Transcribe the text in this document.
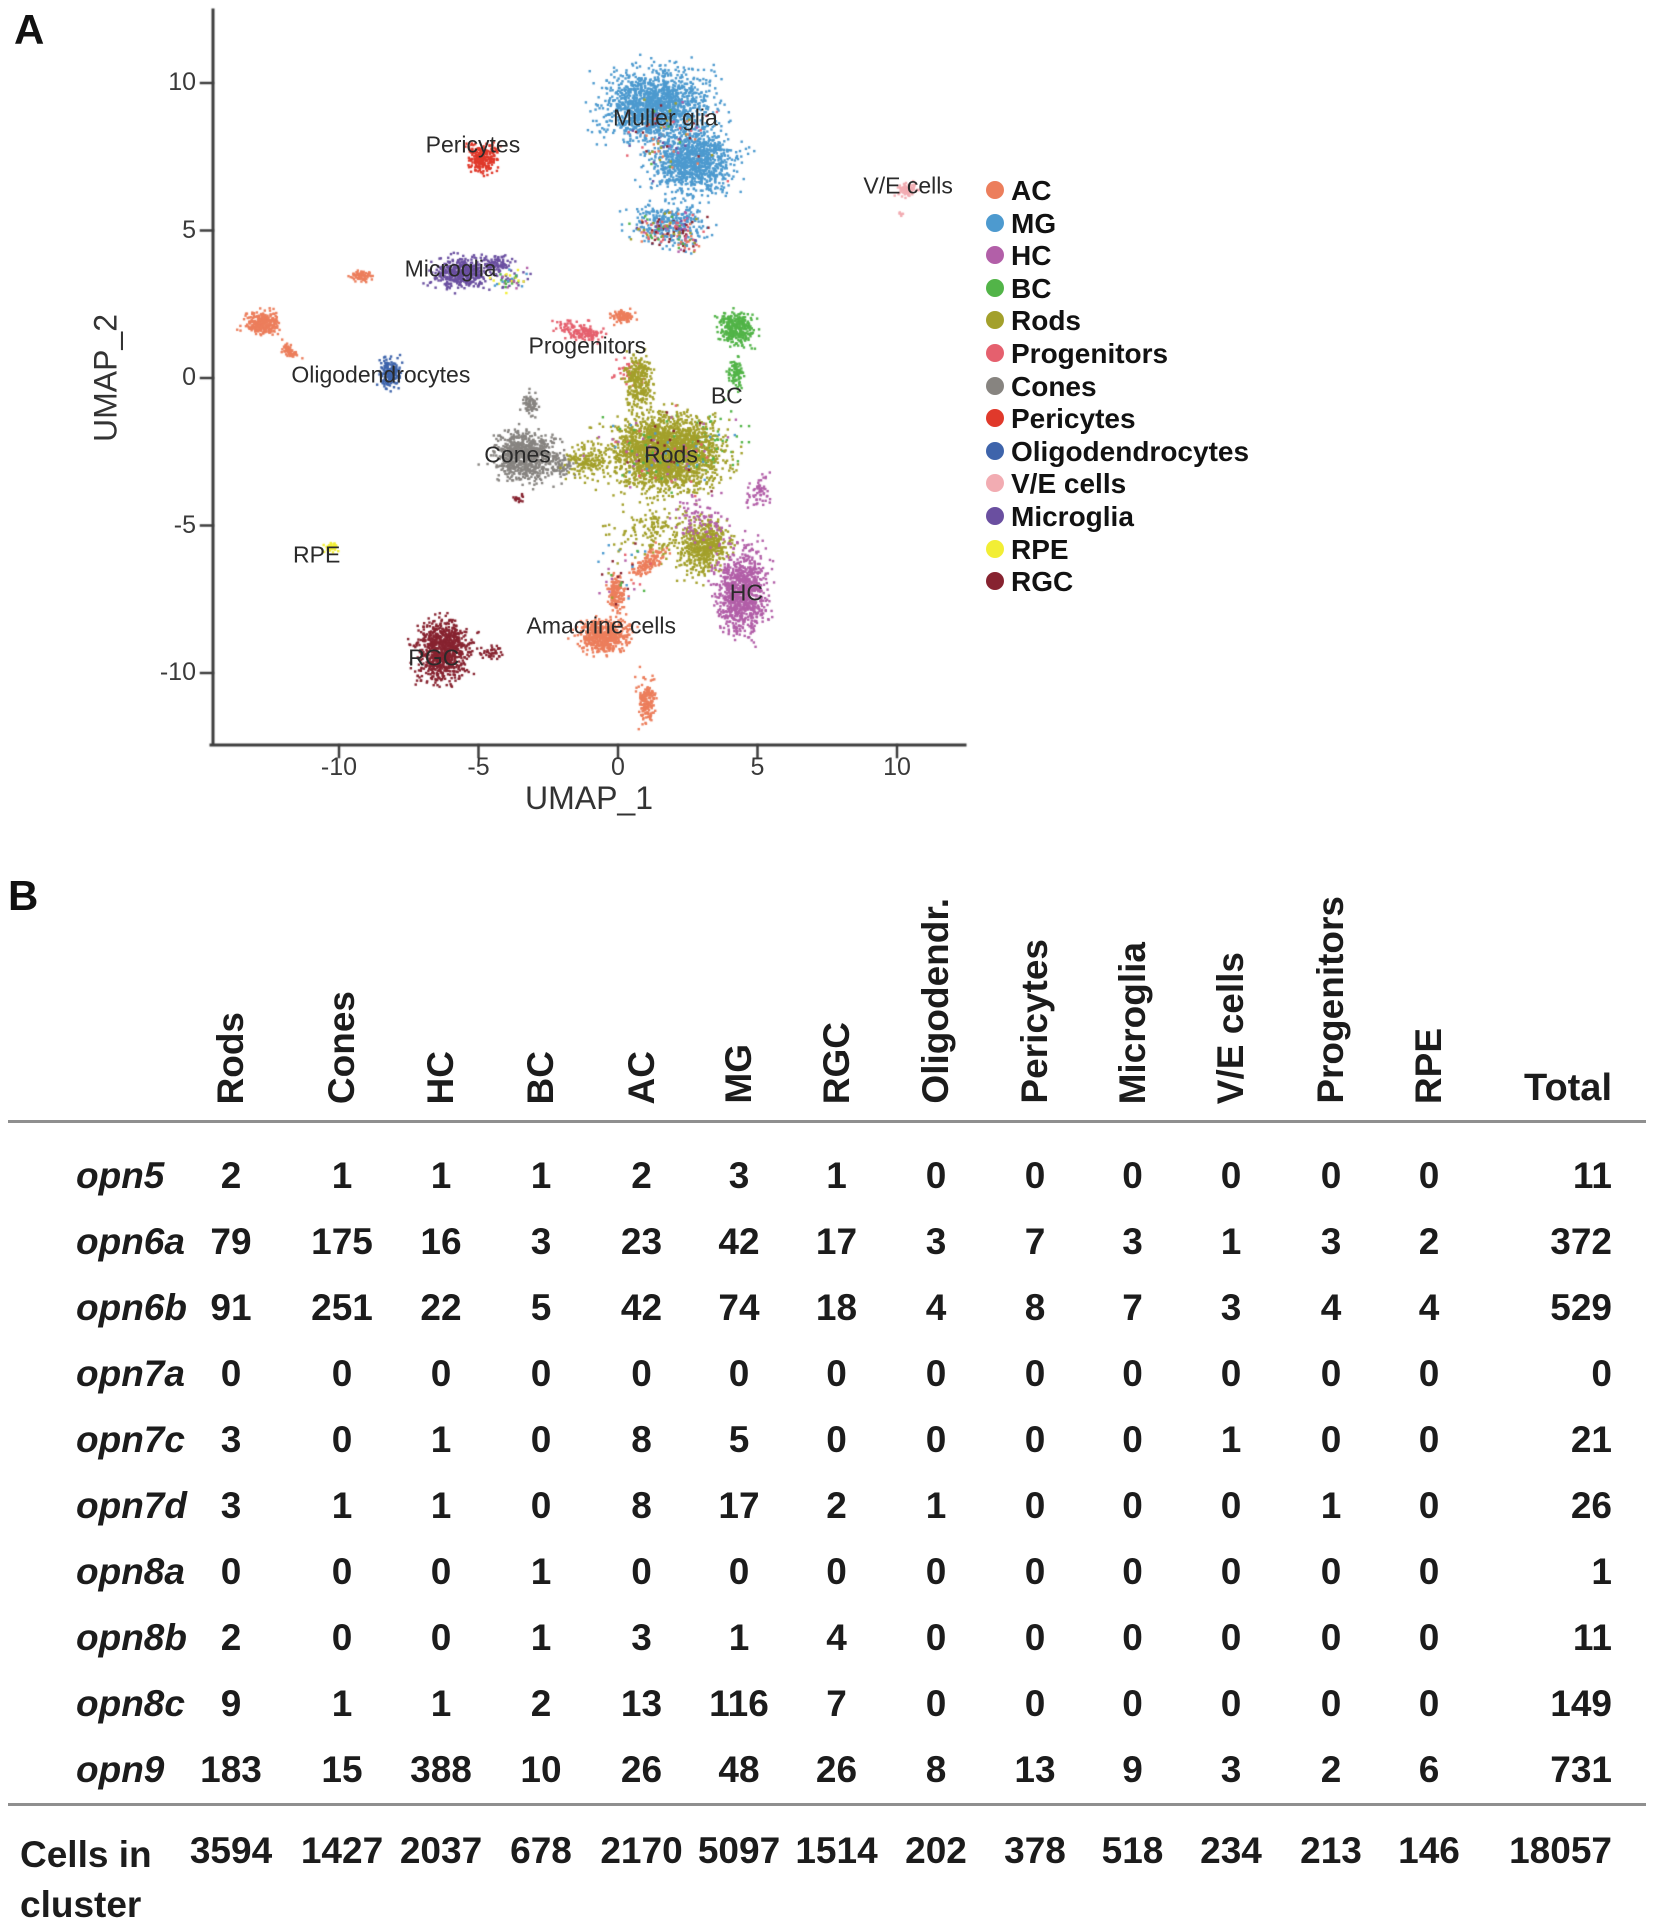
A
UMAP_1
UMAP_2
-10	-5	0	5	10
10
5
0
-5
-10
Muller glia
Pericytes
V/E cells
Microglia
Progenitors
Oligodendrocytes
BC
Cones	Rods
RPE
HC
Amacrine cells
RGC
AC
MG
HC
BC
Rods
Progenitors
Cones
Pericytes
Oligodendrocytes
V/E cells
Microglia
RPE
RGC
B
Rods Cones HC BC AC MG RGC Oligodendr. Pericytes Microglia V/E cells Progenitors RPE Total
opn5	2	1	1	1	2	3	1	0	0	0	0	0	0	11
opn6a 79	175	16	3	23	42	17	3	7	3	1	3	2	372
opn6b 91	251	22	5	42	74	18	4	8	7	3	4	4	529
opn7a 0	0	0	0	0	0	0	0	0	0	0	0	0	0
opn7c 3	0	1	0	8	5	0	0	0	0	1	0	0	21
opn7d 3	1	1	0	8	17	2	1	0	0	0	1	0	26
opn8a 0	0	0	1	0	0	0	0	0	0	0	0	0	1
opn8b 2	0	0	1	3	1	4	0	0	0	0	0	0	11
opn8c 9	1	1	2	13	116	7	0	0	0	0	0	0	149
opn9 183	15	388	10	26	48	26	8	13	9	3	2	6	731
Cells in cluster
3594 1427 2037 678 2170 5097 1514 202	378 518 234	213 146	18057
